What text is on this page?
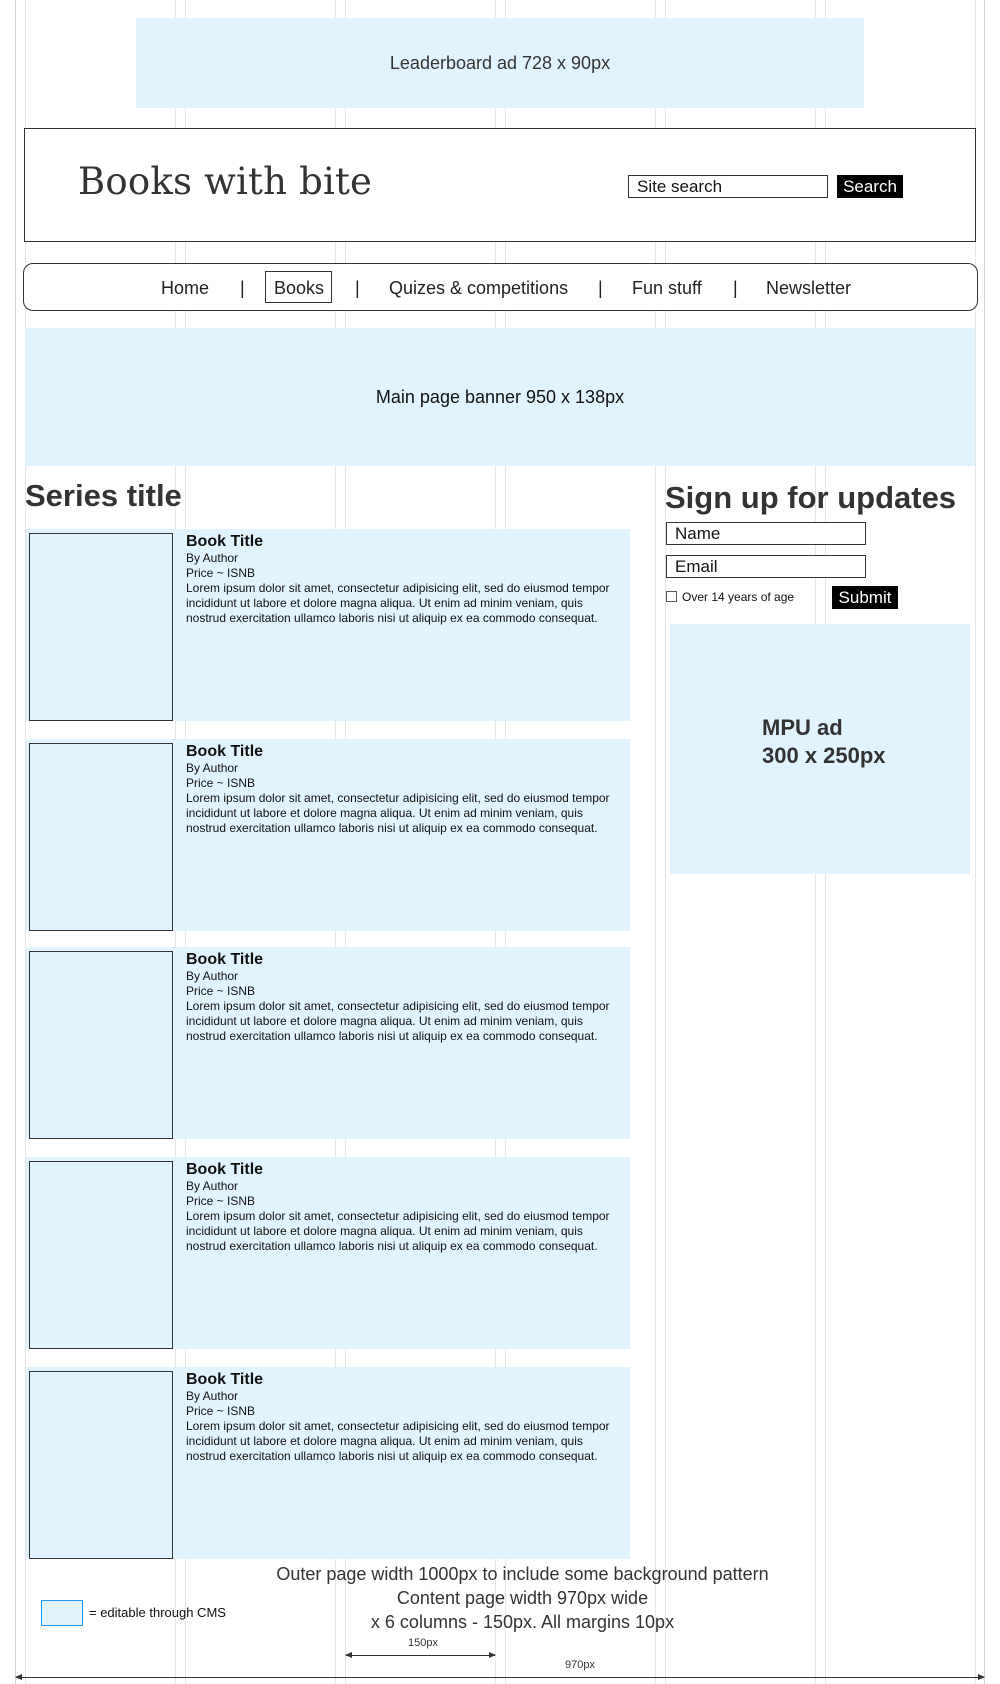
Leaderboard ad 728 x 90px
Books with bite	Site search	Search
Home | Books | Quizes & competitions | Fun stuff | Newsletter
Main page banner 950 x 138px
Series title
Book Title
By Author
Price ~ ISNB
Lorem ipsum dolor sit amet, consectetur adipisicing elit, sed do eiusmod tempor incididunt ut labore et dolore magna aliqua. Ut enim ad minim veniam, quis nostrud exercitation ullamco laboris nisi ut aliquip ex ea commodo consequat.
Book Title
By Author
Price ~ ISNB
Lorem ipsum dolor sit amet, consectetur adipisicing elit, sed do eiusmod tempor incididunt ut labore et dolore magna aliqua. Ut enim ad minim veniam, quis nostrud exercitation ullamco laboris nisi ut aliquip ex ea commodo consequat.
Book Title
By Author
Price ~ ISNB
Lorem ipsum dolor sit amet, consectetur adipisicing elit, sed do eiusmod tempor incididunt ut labore et dolore magna aliqua. Ut enim ad minim veniam, quis nostrud exercitation ullamco laboris nisi ut aliquip ex ea commodo consequat.
Book Title
By Author
Price ~ ISNB
Lorem ipsum dolor sit amet, consectetur adipisicing elit, sed do eiusmod tempor incididunt ut labore et dolore magna aliqua. Ut enim ad minim veniam, quis nostrud exercitation ullamco laboris nisi ut aliquip ex ea commodo consequat.
Book Title
By Author
Price ~ ISNB
Lorem ipsum dolor sit amet, consectetur adipisicing elit, sed do eiusmod tempor incididunt ut labore et dolore magna aliqua. Ut enim ad minim veniam, quis nostrud exercitation ullamco laboris nisi ut aliquip ex ea commodo consequat.
Sign up for updates
Name
Email
Over 14 years of age	Submit
MPU ad
300 x 250px
Outer page width 1000px to include some background pattern
Content page width 970px wide
x 6 columns - 150px. All margins 10px
= editable through CMS
150px
970px
